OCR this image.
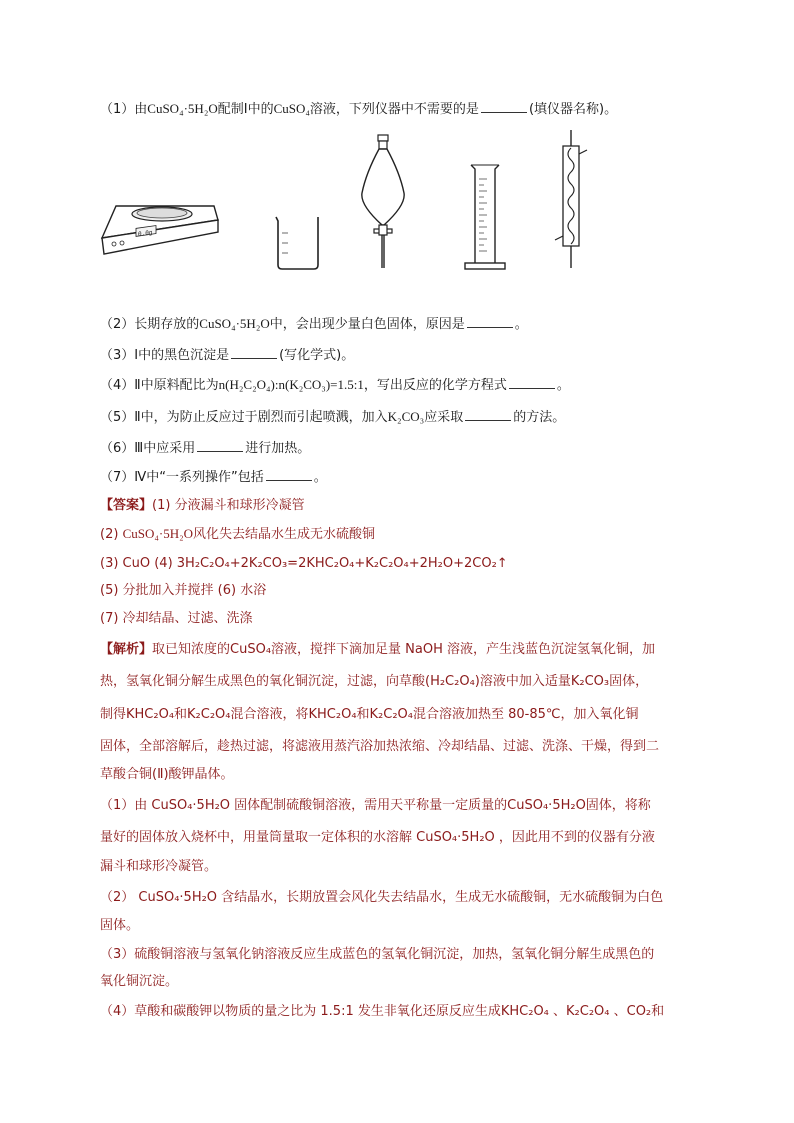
（1）由CuSO₄·5H₂O配制Ⅰ中的CuSO₄溶液，下列仪器中不需要的是	(填仪器名称)。
0.0g
（2）长期存放的CuSO₄·5H₂O中，会出现少量白色固体，原因是	。
（3）Ⅰ中的黑色沉淀是	(写化学式)。
（4）Ⅱ中原料配比为n(H₂C₂O₄):n(K₂CO₃)=1.5:1，写出反应的化学方程式	。
（5）Ⅱ中，为防止反应过于剧烈而引起喷溅，加入K₂CO₃应采取	的方法。
（6）Ⅲ中应采用	进行加热。
（7）Ⅳ中“一系列操作”包括	。
【答案】(1) 分液漏斗和球形冷凝管
(2) CuSO₄·5H₂O风化失去结晶水生成无水硫酸铜
(3) CuO (4) 3H₂C₂O₄+2K₂CO₃=2KHC₂O₄+K₂C₂O₄+2H₂O+2CO₂↑
(5) 分批加入并搅拌 (6) 水浴
(7) 冷却结晶、过滤、洗涤
【解析】取已知浓度的CuSO₄溶液，搅拌下滴加足量 NaOH 溶液，产生浅蓝色沉淀氢氧化铜，加
热，氢氧化铜分解生成黑色的氧化铜沉淀，过滤，向草酸(H₂C₂O₄)溶液中加入适量K₂CO₃固体，
制得KHC₂O₄和K₂C₂O₄混合溶液，将KHC₂O₄和K₂C₂O₄混合溶液加热至 80-85℃，加入氧化铜
固体，全部溶解后，趁热过滤，将滤液用蒸汽浴加热浓缩、冷却结晶、过滤、洗涤、干燥，得到二
草酸合铜(Ⅱ)酸钾晶体。
（1）由 CuSO₄·5H₂O 固体配制硫酸铜溶液，需用天平称量一定质量的CuSO₄·5H₂O固体，将称
量好的固体放入烧杯中，用量筒量取一定体积的水溶解 CuSO₄·5H₂O ，因此用不到的仪器有分液
漏斗和球形冷凝管。
（2） CuSO₄·5H₂O 含结晶水，长期放置会风化失去结晶水，生成无水硫酸铜，无水硫酸铜为白色
固体。
（3）硫酸铜溶液与氢氧化钠溶液反应生成蓝色的氢氧化铜沉淀，加热，氢氧化铜分解生成黑色的
氧化铜沉淀。
（4）草酸和碳酸钾以物质的量之比为 1.5:1 发生非氧化还原反应生成KHC₂O₄ 、K₂C₂O₄ 、CO₂和
